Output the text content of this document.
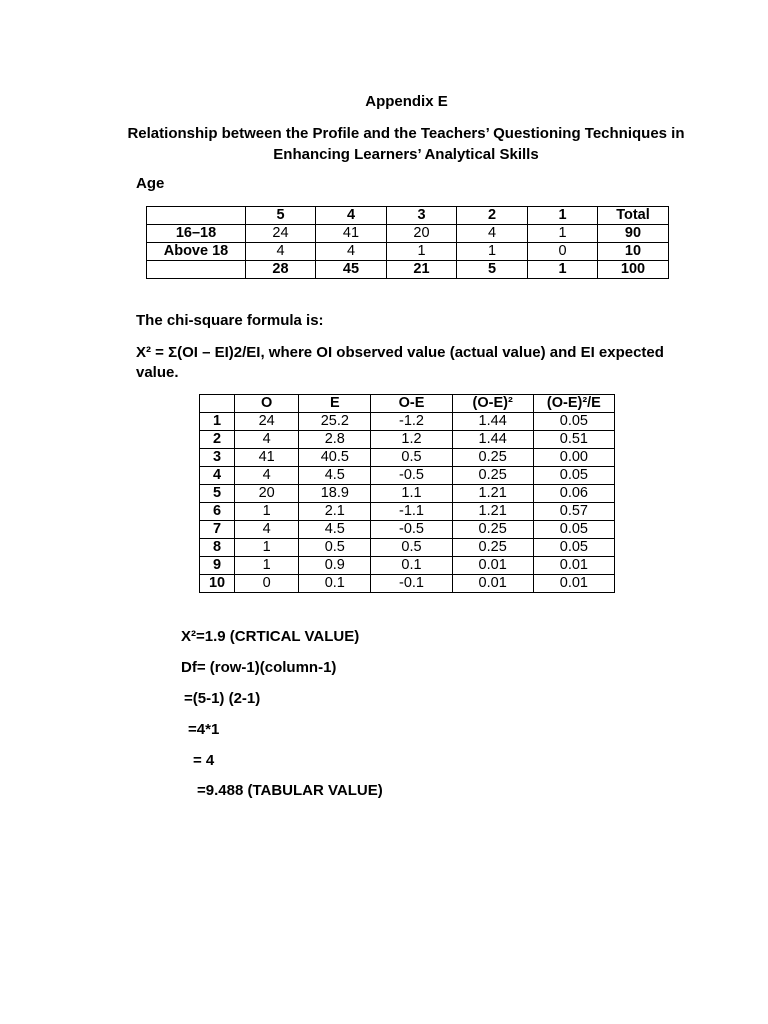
Appendix E
Relationship between the Profile and the Teachers’ Questioning Techniques in Enhancing Learners’ Analytical Skills
Age
	5	4	3	2	1	Total
16–18	24	41	20	4	1	90
Above 18	4	4	1	1	0	10
	28	45	21	5	1	100
The chi-square formula is:
X² = Σ(OI – EI)2/EI, where OI observed value (actual value) and EI expected value.
	O	E	O-E	(O-E)²	(O-E)²/E
1	24	25.2	-1.2	1.44	0.05
2	4	2.8	1.2	1.44	0.51
3	41	40.5	0.5	0.25	0.00
4	4	4.5	-0.5	0.25	0.05
5	20	18.9	1.1	1.21	0.06
6	1	2.1	-1.1	1.21	0.57
7	4	4.5	-0.5	0.25	0.05
8	1	0.5	0.5	0.25	0.05
9	1	0.9	0.1	0.01	0.01
10	0	0.1	-0.1	0.01	0.01
X²=1.9 (CRTICAL VALUE)
Df= (row-1)(column-1)
=(5-1) (2-1)
=4*1
= 4
=9.488 (TABULAR VALUE)
